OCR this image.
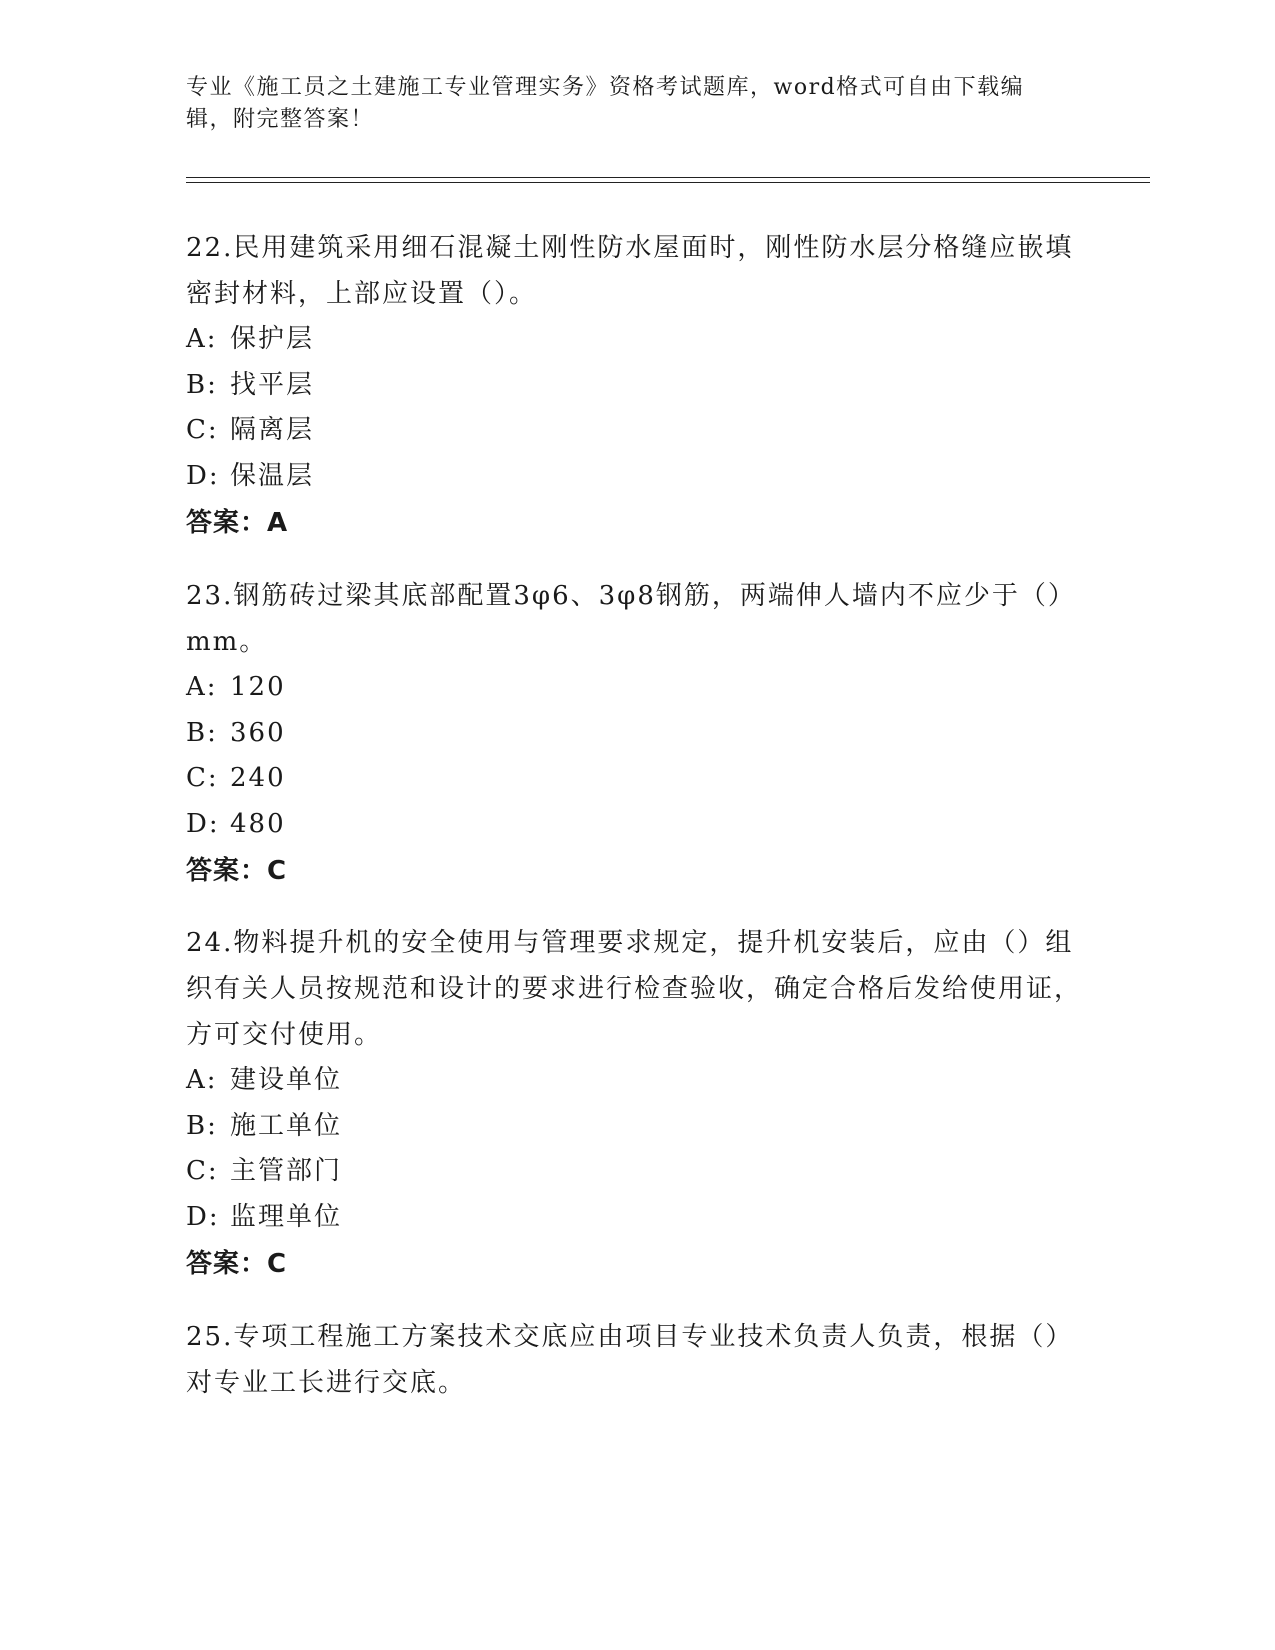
专业《施工员之土建施工专业管理实务》资格考试题库，word格式可自由下载编辑，附完整答案！
22.民用建筑采用细石混凝土刚性防水屋面时，刚性防水层分格缝应嵌填密封材料，上部应设置（）。
A: 保护层
B: 找平层
C: 隔离层
D: 保温层
答案：A
23.钢筋砖过梁其底部配置3φ6、3φ8钢筋，两端伸人墙内不应少于（）mm。
A: 120
B: 360
C: 240
D: 480
答案：C
24.物料提升机的安全使用与管理要求规定，提升机安装后，应由（）组织有关人员按规范和设计的要求进行检查验收，确定合格后发给使用证，方可交付使用。
A: 建设单位
B: 施工单位
C: 主管部门
D: 监理单位
答案：C
25.专项工程施工方案技术交底应由项目专业技术负责人负责，根据（）对专业工长进行交底。
